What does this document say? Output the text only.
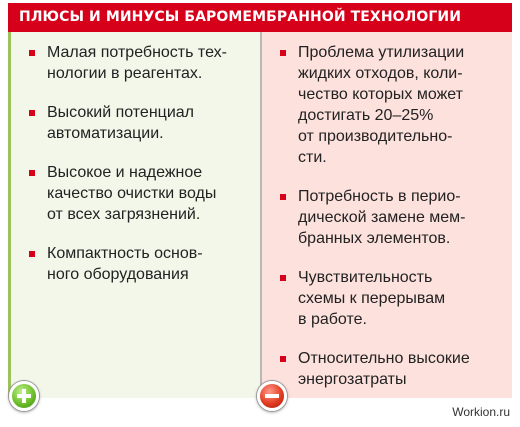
ПЛЮСЫ И МИНУСЫ БАРОМЕМБРАННОЙ ТЕХНОЛОГИИ
Малая потребность тех-
нологии в реагентах.
Высокий потенциал
автоматизации.
Высокое и надежное
качество очистки воды
от всех загрязнений.
Компактность основ-
ного оборудования
Проблема утилизации
жидких отходов, коли-
чество которых может
достигать 20–25%
от производительно-
сти.
Потребность в перио-
дической замене мем-
бранных элементов.
Чувствительность
схемы к перерывам
в работе.
Относительно высокие
энергозатраты
Workion.ru
